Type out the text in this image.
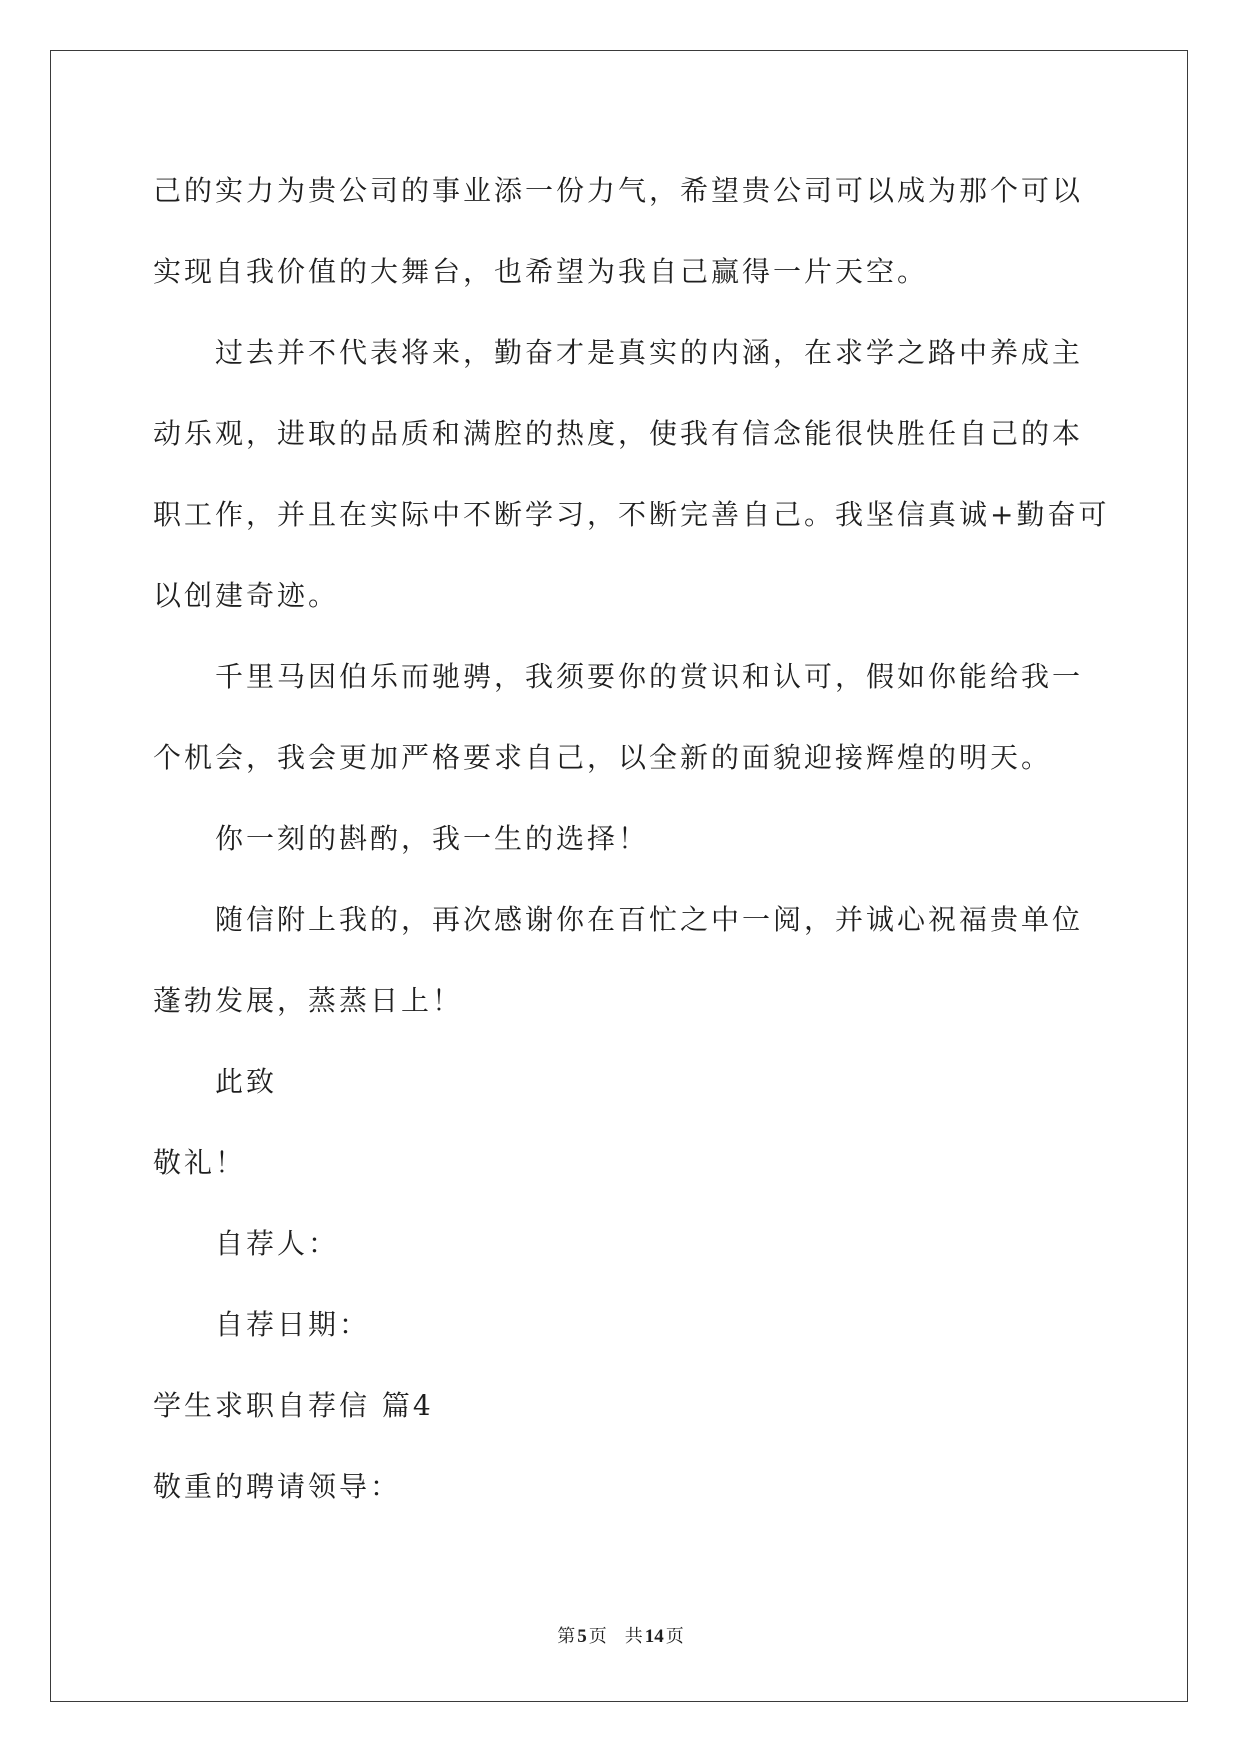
己的实力为贵公司的事业添一份力气，希望贵公司可以成为那个可以
实现自我价值的大舞台，也希望为我自己赢得一片天空。
过去并不代表将来，勤奋才是真实的内涵，在求学之路中养成主
动乐观，进取的品质和满腔的热度，使我有信念能很快胜任自己的本
职工作，并且在实际中不断学习，不断完善自己。我坚信真诚+勤奋可
以创建奇迹。
千里马因伯乐而驰骋，我须要你的赏识和认可，假如你能给我一
个机会，我会更加严格要求自己，以全新的面貌迎接辉煌的明天。
你一刻的斟酌，我一生的选择！
随信附上我的，再次感谢你在百忙之中一阅，并诚心祝福贵单位
蓬勃发展，蒸蒸日上！
此致
敬礼！
自荐人：
自荐日期：
学生求职自荐信 篇4
敬重的聘请领导：
第 5 页 共 14 页
